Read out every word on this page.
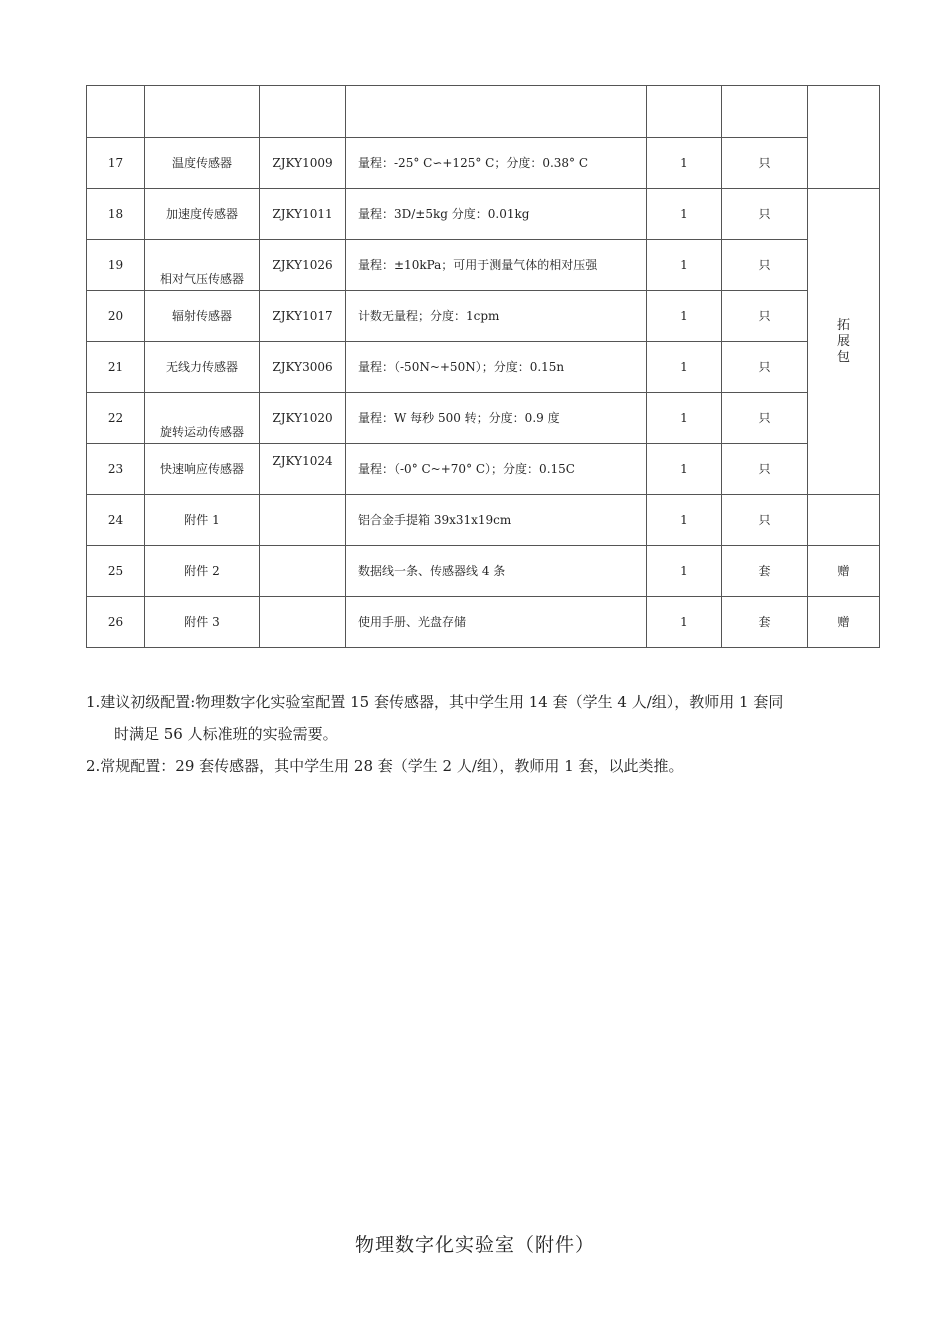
17	温度传感器	ZJKY1009	量程：-25° C∽+125° C；分度：0.38° C	1	只	
18	加速度传感器	ZJKY1011	量程：3D/±5kg 分度：0.01kg	1	只	拓
展
包

19	相对气压传感器	ZJKY1026	量程：±10kPa；可用于测量气体的相对压强	1	只	
20	辐射传感器	ZJKY1017	计数无量程；分度：1cpm	1	只	
21	无线力传感器	ZJKY3006	量程：（-50N~+50N）；分度：0.15n	1	只	
22	旋转运动传感器	ZJKY1020	量程：W 每秒 500 转；分度：0.9 度	1	只	
23	快速响应传感器	ZJKY1024	量程：（-0° C~+70° C）；分度：0.15C	1	只	
24	附件 1		铝合金手提箱 39x31x19cm	1	只	
25	附件 2		数据线一条、传感器线 4 条	1	套	赠
26	附件 3		使用手册、光盘存储	1	套	赠

1.建议初级配置:物理数字化实验室配置 15 套传感器，其中学生用 14 套（学生 4 人/组），教师用 1 套同

时满足 56 人标准班的实验需要。

2.常规配置：29 套传感器，其中学生用 28 套（学生 2 人/组），教师用 1 套，以此类推。

物理数字化实验室（附件）
